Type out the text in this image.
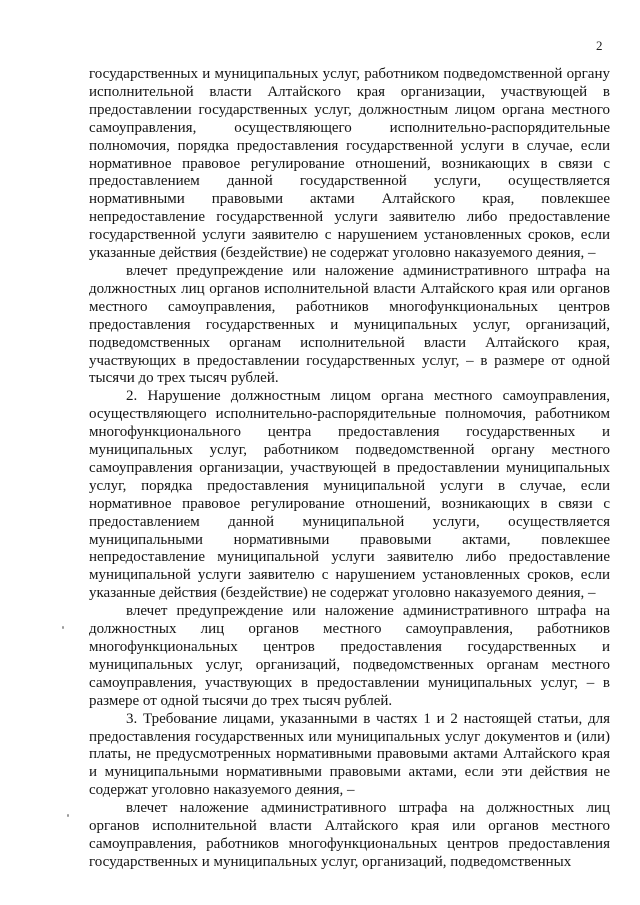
2

государственных и муниципальных услуг, работником подведомственной органу исполнительной власти Алтайского края организации, участвующей в предоставлении государственных услуг, должностным лицом органа местного самоуправления, осуществляющего исполнительно-распорядительные полномочия, порядка предоставления государственной услуги в случае, если нормативное правовое регулирование отношений, возникающих в связи с предоставлением данной государственной услуги, осуществляется нормативными правовыми актами Алтайского края, повлекшее непредоставление государственной услуги заявителю либо предоставление государственной услуги заявителю с нарушением установленных сроков, если указанные действия (бездействие) не содержат уголовно наказуемого деяния, –

влечет предупреждение или наложение административного штрафа на должностных лиц органов исполнительной власти Алтайского края или органов местного самоуправления, работников многофункциональных центров предоставления государственных и муниципальных услуг, организаций, подведомственных органам исполнительной власти Алтайского края, участвующих в предоставлении государственных услуг, – в размере от одной тысячи до трех тысяч рублей.

2. Нарушение должностным лицом органа местного самоуправления, осуществляющего исполнительно-распорядительные полномочия, работником многофункционального центра предоставления государственных и муниципальных услуг, работником подведомственной органу местного самоуправления организации, участвующей в предоставлении муниципальных услуг, порядка предоставления муниципальной услуги в случае, если нормативное правовое регулирование отношений, возникающих в связи с предоставлением данной муниципальной услуги, осуществляется муниципальными нормативными правовыми актами, повлекшее непредоставление муниципальной услуги заявителю либо предоставление муниципальной услуги заявителю с нарушением установленных сроков, если указанные действия (бездействие) не содержат уголовно наказуемого деяния, –

влечет предупреждение или наложение административного штрафа на должностных лиц органов местного самоуправления, работников многофункциональных центров предоставления государственных и муниципальных услуг, организаций, подведомственных органам местного самоуправления, участвующих в предоставлении муниципальных услуг, – в размере от одной тысячи до трех тысяч рублей.

3. Требование лицами, указанными в частях 1 и 2 настоящей статьи, для предоставления государственных или муниципальных услуг документов и (или) платы, не предусмотренных нормативными правовыми актами Алтайского края и муниципальными нормативными правовыми актами, если эти действия не содержат уголовно наказуемого деяния, –

влечет наложение административного штрафа на должностных лиц органов исполнительной власти Алтайского края или органов местного самоуправления, работников многофункциональных центров предоставления государственных и муниципальных услуг, организаций, подведомственных
